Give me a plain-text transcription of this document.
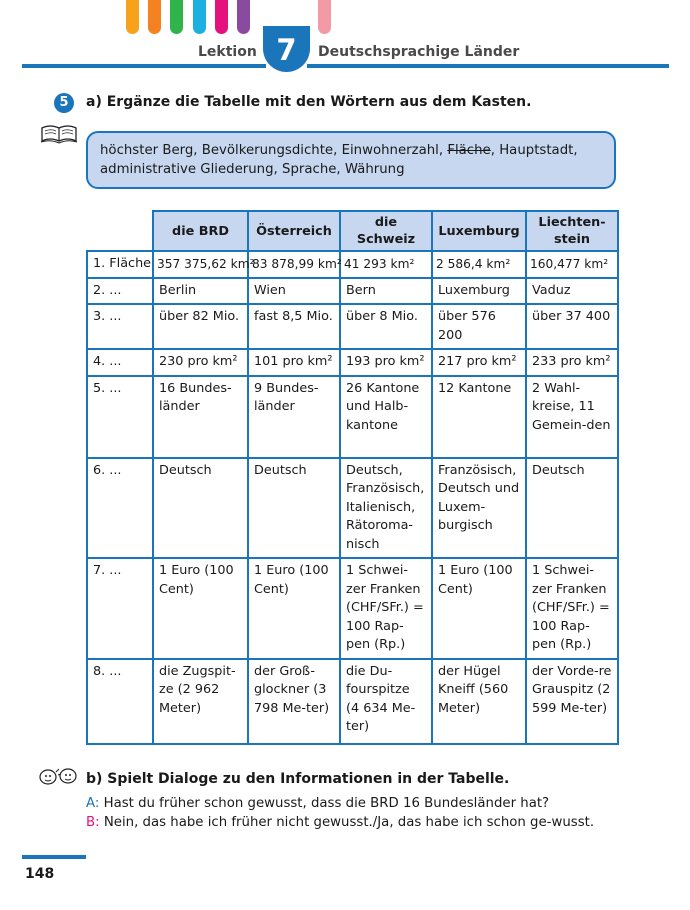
Lektion 7	Deutschsprachige Länder
5	a) Ergänze die Tabelle mit den Wörtern aus dem Kasten.
höchster Berg, Bevölkerungsdichte, Einwohnerzahl, Fläche, Hauptstadt, administrative Gliederung, Sprache, Währung
	die BRD	Österreich	die Schweiz	Luxemburg	Liechten-stein
1. Fläche	357 375,62 km²	83 878,99 km²	41 293 km²	2 586,4 km²	160,477 km²
2. ...	Berlin	Wien	Bern	Luxemburg	Vaduz
3. ...	über 82 Mio.	fast 8,5 Mio.	über 8 Mio.	über 576 200	über 37 400
4. ...	230 pro km²	101 pro km²	193 pro km²	217 pro km²	233 pro km²
5. ...	16 Bundes-länder	9 Bundes-länder	26 Kantone und Halb-kantone	12 Kantone	2 Wahl-kreise, 11 Gemein-den
6. ...	Deutsch	Deutsch	Deutsch, Französisch, Italienisch, Rätoroma-nisch	Französisch, Deutsch und Luxem-burgisch	Deutsch
7. ...	1 Euro (100 Cent)	1 Euro (100 Cent)	1 Schwei-zer Franken (CHF/SFr.) = 100 Rap-pen (Rp.)	1 Euro (100 Cent)	1 Schwei-zer Franken (CHF/SFr.) = 100 Rap-pen (Rp.)
8. ...	die Zugspit-ze (2 962 Meter)	der Groß-glockner (3 798 Me-ter)	die Du-fourspitze (4 634 Me-ter)	der Hügel Kneiff (560 Meter)	der Vorde-re Grauspitz (2 599 Me-ter)
b) Spielt Dialoge zu den Informationen in der Tabelle.
A: Hast du früher schon gewusst, dass die BRD 16 Bundesländer hat?
B: Nein, das habe ich früher nicht gewusst./Ja, das habe ich schon ge-wusst.
148
